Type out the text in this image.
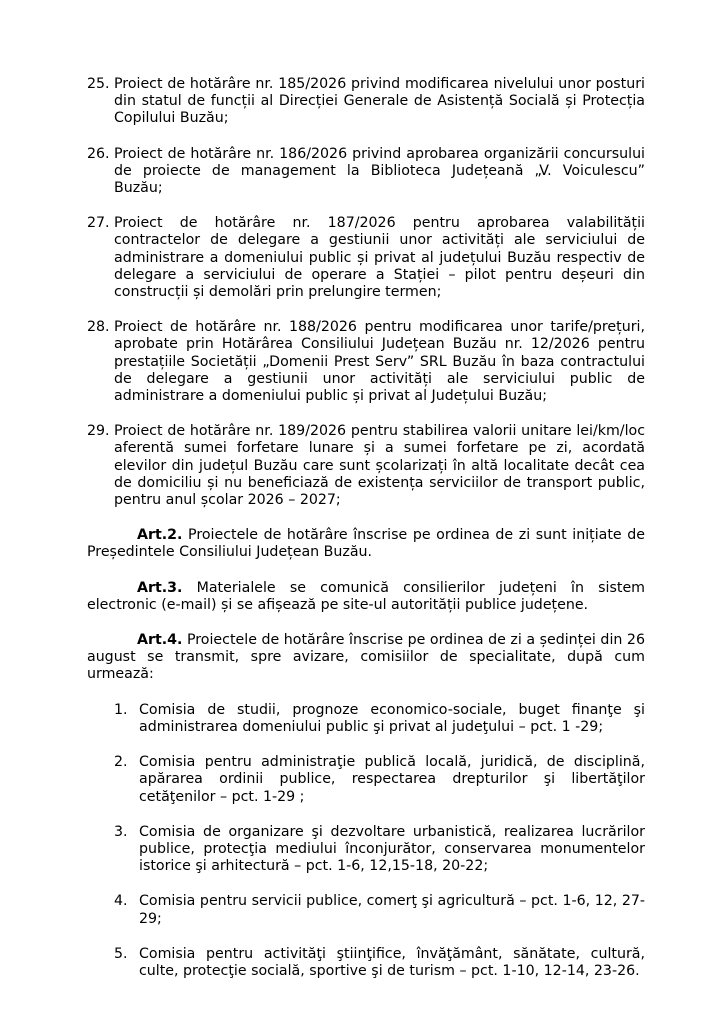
25. Proiect de hotărâre nr. 185/2026 privind modificarea nivelului unor posturi din statul de funcții al Direcției Generale de Asistență Socială și Protecția Copilului Buzău;
26. Proiect de hotărâre nr. 186/2026 privind aprobarea organizării concursului de proiecte de management la Biblioteca Județeană „V. Voiculescu” Buzău;
27. Proiect de hotărâre nr. 187/2026 pentru aprobarea valabilității contractelor de delegare a gestiunii unor activități ale serviciului de administrare a domeniului public și privat al județului Buzău respectiv de delegare a serviciului de operare a Stației – pilot pentru deșeuri din construcții și demolări prin prelungire termen;
28. Proiect de hotărâre nr. 188/2026 pentru modificarea unor tarife/prețuri, aprobate prin Hotărârea Consiliului Județean Buzău nr. 12/2026 pentru prestațiile Societății „Domenii Prest Serv” SRL Buzău în baza contractului de delegare a gestiunii unor activități ale serviciului public de administrare a domeniului public și privat al Județului Buzău;
29. Proiect de hotărâre nr. 189/2026 pentru stabilirea valorii unitare lei/km/loc aferentă sumei forfetare lunare și a sumei forfetare pe zi, acordată elevilor din județul Buzău care sunt școlarizați în altă localitate decât cea de domiciliu și nu beneficiază de existența serviciilor de transport public, pentru anul școlar 2026 – 2027;
Art.2. Proiectele de hotărâre înscrise pe ordinea de zi sunt inițiate de Președintele Consiliului Județean Buzău.
Art.3. Materialele se comunică consilierilor județeni în sistem electronic (e-mail) și se afișează pe site-ul autorității publice județene.
Art.4. Proiectele de hotărâre înscrise pe ordinea de zi a ședinței din 26 august se transmit, spre avizare, comisiilor de specialitate, după cum urmează:
1. Comisia de studii, prognoze economico-sociale, buget finanţe şi administrarea domeniului public şi privat al judeţului – pct. 1 -29;
2. Comisia pentru administraţie publică locală, juridică, de disciplină, apărarea ordinii publice, respectarea drepturilor şi libertăţilor cetăţenilor – pct. 1-29 ;
3. Comisia de organizare şi dezvoltare urbanistică, realizarea lucrărilor publice, protecţia mediului înconjurător, conservarea monumentelor istorice şi arhitectură – pct. 1-6, 12,15-18, 20-22;
4. Comisia pentru servicii publice, comerţ şi agricultură – pct. 1-6, 12, 27-29;
5. Comisia pentru activităţi ştiinţifice, învăţământ, sănătate, cultură, culte, protecţie socială, sportive şi de turism – pct. 1-10, 12-14, 23-26.
